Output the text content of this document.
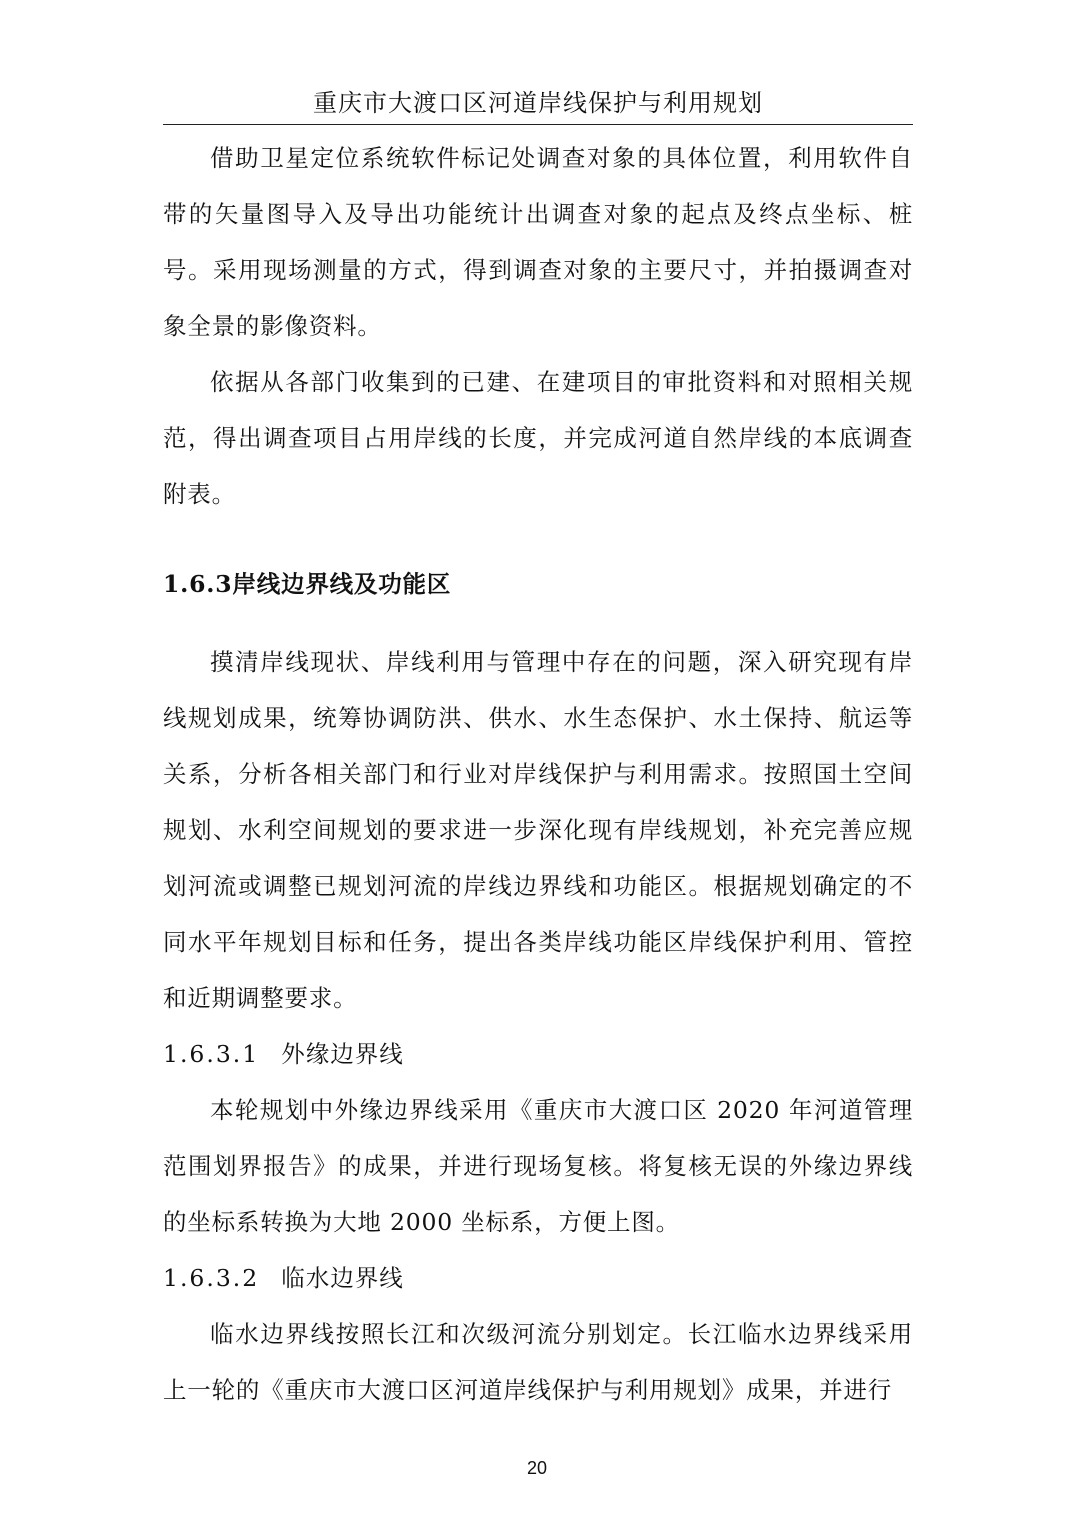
重庆市大渡口区河道岸线保护与利用规划

借助卫星定位系统软件标记处调查对象的具体位置，利用软件自带的矢量图导入及导出功能统计出调查对象的起点及终点坐标、桩号。采用现场测量的方式，得到调查对象的主要尺寸，并拍摄调查对象全景的影像资料。

依据从各部门收集到的已建、在建项目的审批资料和对照相关规范，得出调查项目占用岸线的长度，并完成河道自然岸线的本底调查附表。

1.6.3岸线边界线及功能区

摸清岸线现状、岸线利用与管理中存在的问题，深入研究现有岸线规划成果，统筹协调防洪、供水、水生态保护、水土保持、航运等关系，分析各相关部门和行业对岸线保护与利用需求。按照国土空间规划、水利空间规划的要求进一步深化现有岸线规划，补充完善应规划河流或调整已规划河流的岸线边界线和功能区。根据规划确定的不同水平年规划目标和任务，提出各类岸线功能区岸线保护利用、管控和近期调整要求。

1.6.3.1 外缘边界线

本轮规划中外缘边界线采用《重庆市大渡口区 2020 年河道管理范围划界报告》的成果，并进行现场复核。将复核无误的外缘边界线的坐标系转换为大地 2000 坐标系，方便上图。

1.6.3.2 临水边界线

临水边界线按照长江和次级河流分别划定。长江临水边界线采用上一轮的《重庆市大渡口区河道岸线保护与利用规划》成果，并进行

20
